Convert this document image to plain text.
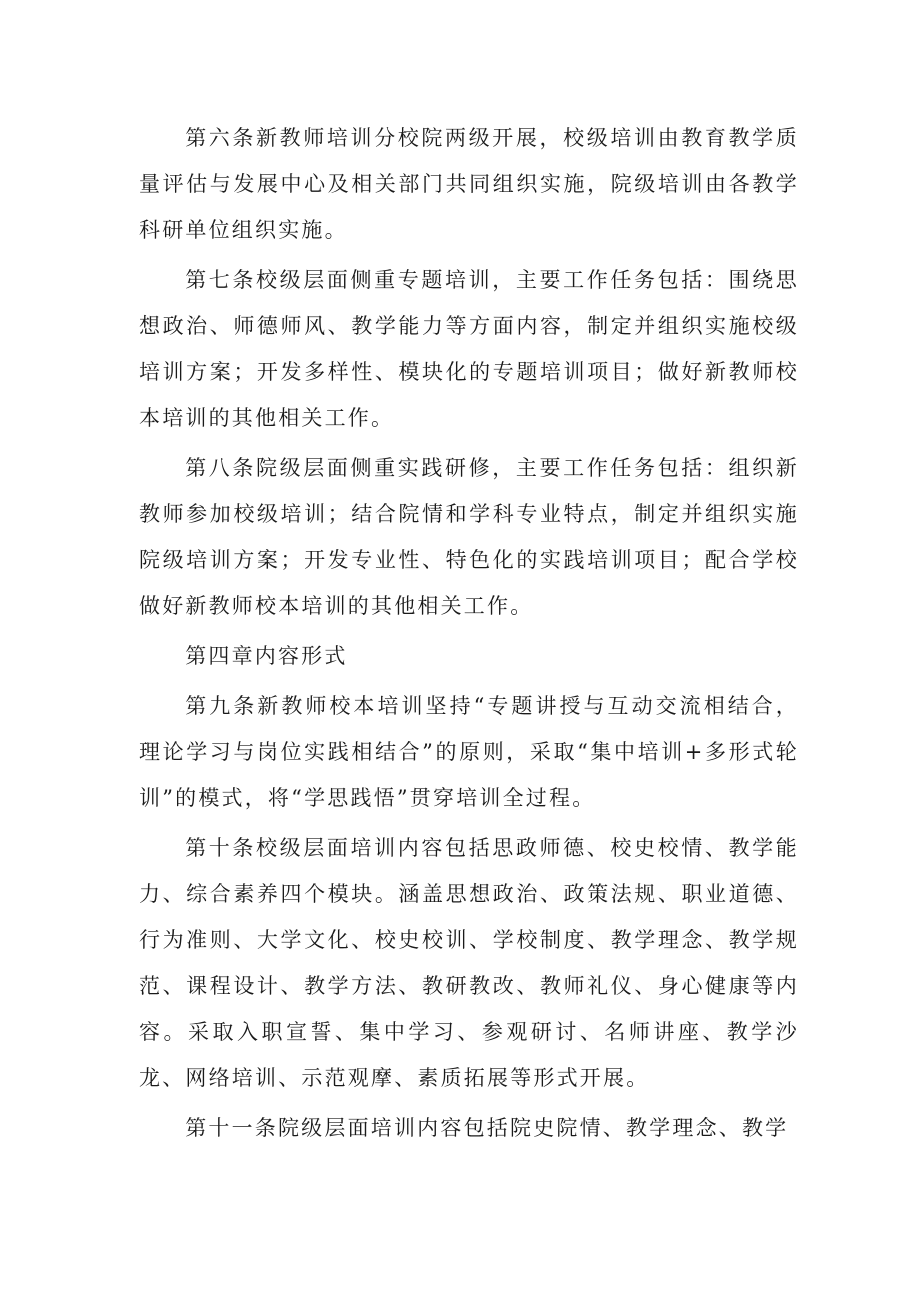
第六条新教师培训分校院两级开展，校级培训由教育教学质量评估与发展中心及相关部门共同组织实施，院级培训由各教学科研单位组织实施。

第七条校级层面侧重专题培训，主要工作任务包括：围绕思想政治、师德师风、教学能力等方面内容，制定并组织实施校级培训方案；开发多样性、模块化的专题培训项目；做好新教师校本培训的其他相关工作。

第八条院级层面侧重实践研修，主要工作任务包括：组织新教师参加校级培训；结合院情和学科专业特点，制定并组织实施院级培训方案；开发专业性、特色化的实践培训项目；配合学校做好新教师校本培训的其他相关工作。

第四章内容形式

第九条新教师校本培训坚持“专题讲授与互动交流相结合，理论学习与岗位实践相结合”的原则，采取“集中培训+多形式轮训”的模式，将“学思践悟”贯穿培训全过程。

第十条校级层面培训内容包括思政师德、校史校情、教学能力、综合素养四个模块。涵盖思想政治、政策法规、职业道德、行为准则、大学文化、校史校训、学校制度、教学理念、教学规范、课程设计、教学方法、教研教改、教师礼仪、身心健康等内容。采取入职宣誓、集中学习、参观研讨、名师讲座、教学沙龙、网络培训、示范观摩、素质拓展等形式开展。

第十一条院级层面培训内容包括院史院情、教学理念、教学
